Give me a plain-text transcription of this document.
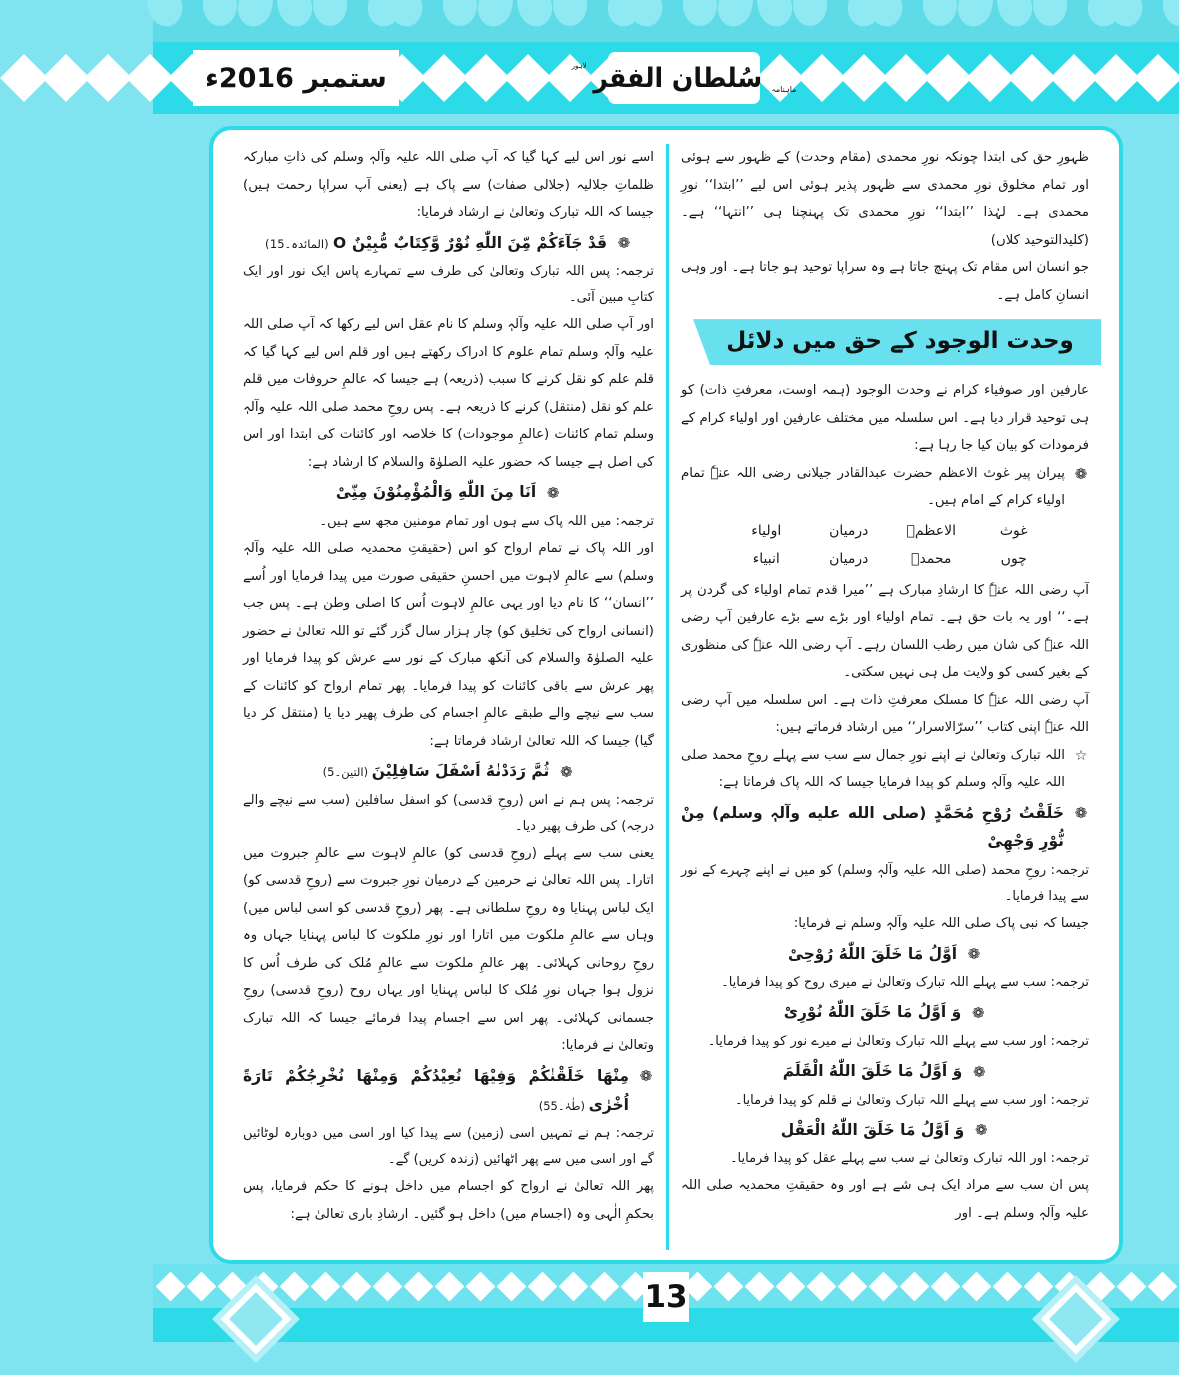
ماہنامہ
سُلطان الفقر
لاہور
ستمبر 2016ء

ظہورِ حق کی ابتدا چونکہ نورِ محمدی (مقام وحدت) کے ظہور سے ہوئی اور تمام مخلوق نورِ محمدی سے ظہور پذیر ہوئی اس لیے ’’ابتدا‘‘ نورِ محمدی ہے۔ لہٰذا ’’ابتدا‘‘ نورِ محمدی تک پہنچنا ہی ’’انتہا‘‘ ہے۔ (کلیدالتوحید کلاں)

جو انسان اس مقام تک پہنچ جاتا ہے وہ سراپا توحید ہو جاتا ہے۔ اور وہی انسانِ کامل ہے۔

وحدت الوجود کے حق میں دلائل

عارفین اور صوفیاء کرام نے وحدت الوجود (ہمہ اوست، معرفتِ ذات) کو ہی توحید قرار دیا ہے۔ اس سلسلہ میں مختلف عارفین اور اولیاء کرام کے فرمودات کو بیان کیا جا رہا ہے:

❁
پیران پیر غوث الاعظم حضرت عبدالقادر جیلانی رضی اللہ عنہٗ تمام اولیاء کرام کے امام ہیں۔
غوث
الاعظمؓ
درمیان
اولیاء
چوں
محمدؐ
درمیان
انبیاء

آپ رضی اللہ عنہٗ کا ارشادِ مبارک ہے ’’میرا قدم تمام اولیاء کی گردن پر ہے۔‘‘ اور یہ بات حق ہے۔ تمام اولیاء اور بڑے سے بڑے عارفین آپ رضی اللہ عنہٗ کی شان میں رطب اللسان رہے۔ آپ رضی اللہ عنہٗ کی منظوری کے بغیر کسی کو ولایت مل ہی نہیں سکتی۔

آپ رضی اللہ عنہٗ کا مسلک معرفتِ ذات ہے۔ اس سلسلہ میں آپ رضی اللہ عنہٗ اپنی کتاب ’’سرّالاسرار‘‘ میں ارشاد فرماتے ہیں:

☆
اللہ تبارک وتعالیٰ نے اپنے نورِ جمال سے سب سے پہلے روحِ محمد صلی اللہ علیہ وآلہٖ وسلم کو پیدا فرمایا جیسا کہ اللہ پاک فرماتا ہے:
❁
خَلَقْتُ رُوْحِ مُحَمَّدٍ (صلی الله علیه وآلہٖ وسلم) مِنْ نُّوْرِ وَجْهِیْ

ترجمہ: روحِ محمد (صلی اللہ علیہ وآلہٖ وسلم) کو میں نے اپنے چہرے کے نور سے پیدا فرمایا۔

جیسا کہ نبی پاک صلی اللہ علیہ وآلہٖ وسلم نے فرمایا:

❁
اَوَّلُ مَا خَلَقَ اللّٰهُ رُوْحِیْ

ترجمہ: سب سے پہلے اللہ تبارک وتعالیٰ نے میری روح کو پیدا فرمایا۔

❁
وَ اَوَّلُ مَا خَلَقَ اللّٰهُ نُوْرِیْ

ترجمہ: اور سب سے پہلے اللہ تبارک وتعالیٰ نے میرے نور کو پیدا فرمایا۔

❁
وَ اَوَّلُ مَا خَلَقَ اللّٰهُ الْقَلَمَ

ترجمہ: اور سب سے پہلے اللہ تبارک وتعالیٰ نے قلم کو پیدا فرمایا۔

❁
وَ اَوَّلُ مَا خَلَقَ اللّٰهُ الْعَقْل

ترجمہ: اور اللہ تبارک وتعالیٰ نے سب سے پہلے عقل کو پیدا فرمایا۔

پس ان سب سے مراد ایک ہی شے ہے اور وہ حقیقتِ محمدیہ صلی اللہ علیہ وآلہٖ وسلم ہے۔ اور

اسے نور اس لیے کہا گیا کہ آپ صلی اللہ علیہ وآلہٖ وسلم کی ذاتِ مبارکہ ظلماتِ جلالیہ (جلالی صفات) سے پاک ہے (یعنی آپ سراپا رحمت ہیں) جیسا کہ اللہ تبارک وتعالیٰ نے ارشاد فرمایا:

❁
قَدْ جَآءَكُمْ مِّنَ اللّٰهِ نُوْرٌ وَّكِتَابٌ مُّبِيْنٌ O (المائدہ۔15)

ترجمہ: پس اللہ تبارک وتعالیٰ کی طرف سے تمہارے پاس ایک نور اور ایک کتابِ مبین آئی۔

اور آپ صلی اللہ علیہ وآلہٖ وسلم کا نام عقل اس لیے رکھا کہ آپ صلی اللہ علیہ وآلہٖ وسلم تمام علوم کا ادراک رکھتے ہیں اور قلم اس لیے کہا گیا کہ قلم علم کو نقل کرنے کا سبب (ذریعہ) ہے جیسا کہ عالمِ حروفات میں قلم علم کو نقل (منتقل) کرنے کا ذریعہ ہے۔ پس روحِ محمد صلی اللہ علیہ وآلہٖ وسلم تمام کائنات (عالمِ موجودات) کا خلاصہ اور کائنات کی ابتدا اور اس کی اصل ہے جیسا کہ حضور علیہ الصلوٰۃ والسلام کا ارشاد ہے:

❁
اَنَا مِنَ اللّٰهِ وَالْمُؤْمِنُوْنَ مِنِّیْ

ترجمہ: میں اللہ پاک سے ہوں اور تمام مومنین مجھ سے ہیں۔

اور اللہ پاک نے تمام ارواح کو اس (حقیقتِ محمدیہ صلی اللہ علیہ وآلہٖ وسلم) سے عالمِ لاہوت میں احسنِ حقیقی صورت میں پیدا فرمایا اور اُسے ’’انسان‘‘ کا نام دیا اور یہی عالمِ لاہوت اُس کا اصلی وطن ہے۔ پس جب (انسانی ارواح کی تخلیق کو) چار ہزار سال گزر گئے تو اللہ تعالیٰ نے حضور علیہ الصلوٰۃ والسلام کی آنکھ مبارک کے نور سے عرش کو پیدا فرمایا اور پھر عرش سے باقی کائنات کو پیدا فرمایا۔ پھر تمام ارواح کو کائنات کے سب سے نیچے والے طبقے عالمِ اجسام کی طرف پھیر دیا یا (منتقل کر دیا گیا) جیسا کہ اللہ تعالیٰ ارشاد فرماتا ہے:

❁
ثُمَّ رَدَدْنٰهُ اَسْفَلَ سَافِلِيْنَ (التین۔5)

ترجمہ: پس ہم نے اس (روحِ قدسی) کو اسفل سافلین (سب سے نیچے والے درجہ) کی طرف پھیر دیا۔

یعنی سب سے پہلے (روحِ قدسی کو) عالمِ لاہوت سے عالمِ جبروت میں اتارا۔ پس اللہ تعالیٰ نے حرمین کے درمیان نورِ جبروت سے (روحِ قدسی کو) ایک لباس پہنایا وہ روحِ سلطانی ہے۔ پھر (روحِ قدسی کو اسی لباس میں) وہاں سے عالمِ ملکوت میں اتارا اور نورِ ملکوت کا لباس پہنایا جہاں وہ روحِ روحانی کہلائی۔ پھر عالمِ ملکوت سے عالمِ مُلک کی طرف اُس کا نزول ہوا جہاں نورِ مُلک کا لباس پہنایا اور یہاں روح (روحِ قدسی) روحِ جسمانی کہلائی۔ پھر اس سے اجسام پیدا فرمائے جیسا کہ اللہ تبارک وتعالیٰ نے فرمایا:

❁
مِنْهَا خَلَقْنٰكُمْ وَفِيْهَا نُعِيْدُكُمْ وَمِنْهَا نُخْرِجُكُمْ تَارَةً اُخْرٰی (طٰہٰ۔55)

ترجمہ: ہم نے تمہیں اسی (زمین) سے پیدا کیا اور اسی میں دوبارہ لوٹائیں گے اور اسی میں سے پھر اٹھائیں (زندہ کریں) گے۔

پھر اللہ تعالیٰ نے ارواح کو اجسام میں داخل ہونے کا حکم فرمایا، پس بحکمِ الٰہی وہ (اجسام میں) داخل ہو گئیں۔ ارشادِ باری تعالیٰ ہے:

13
